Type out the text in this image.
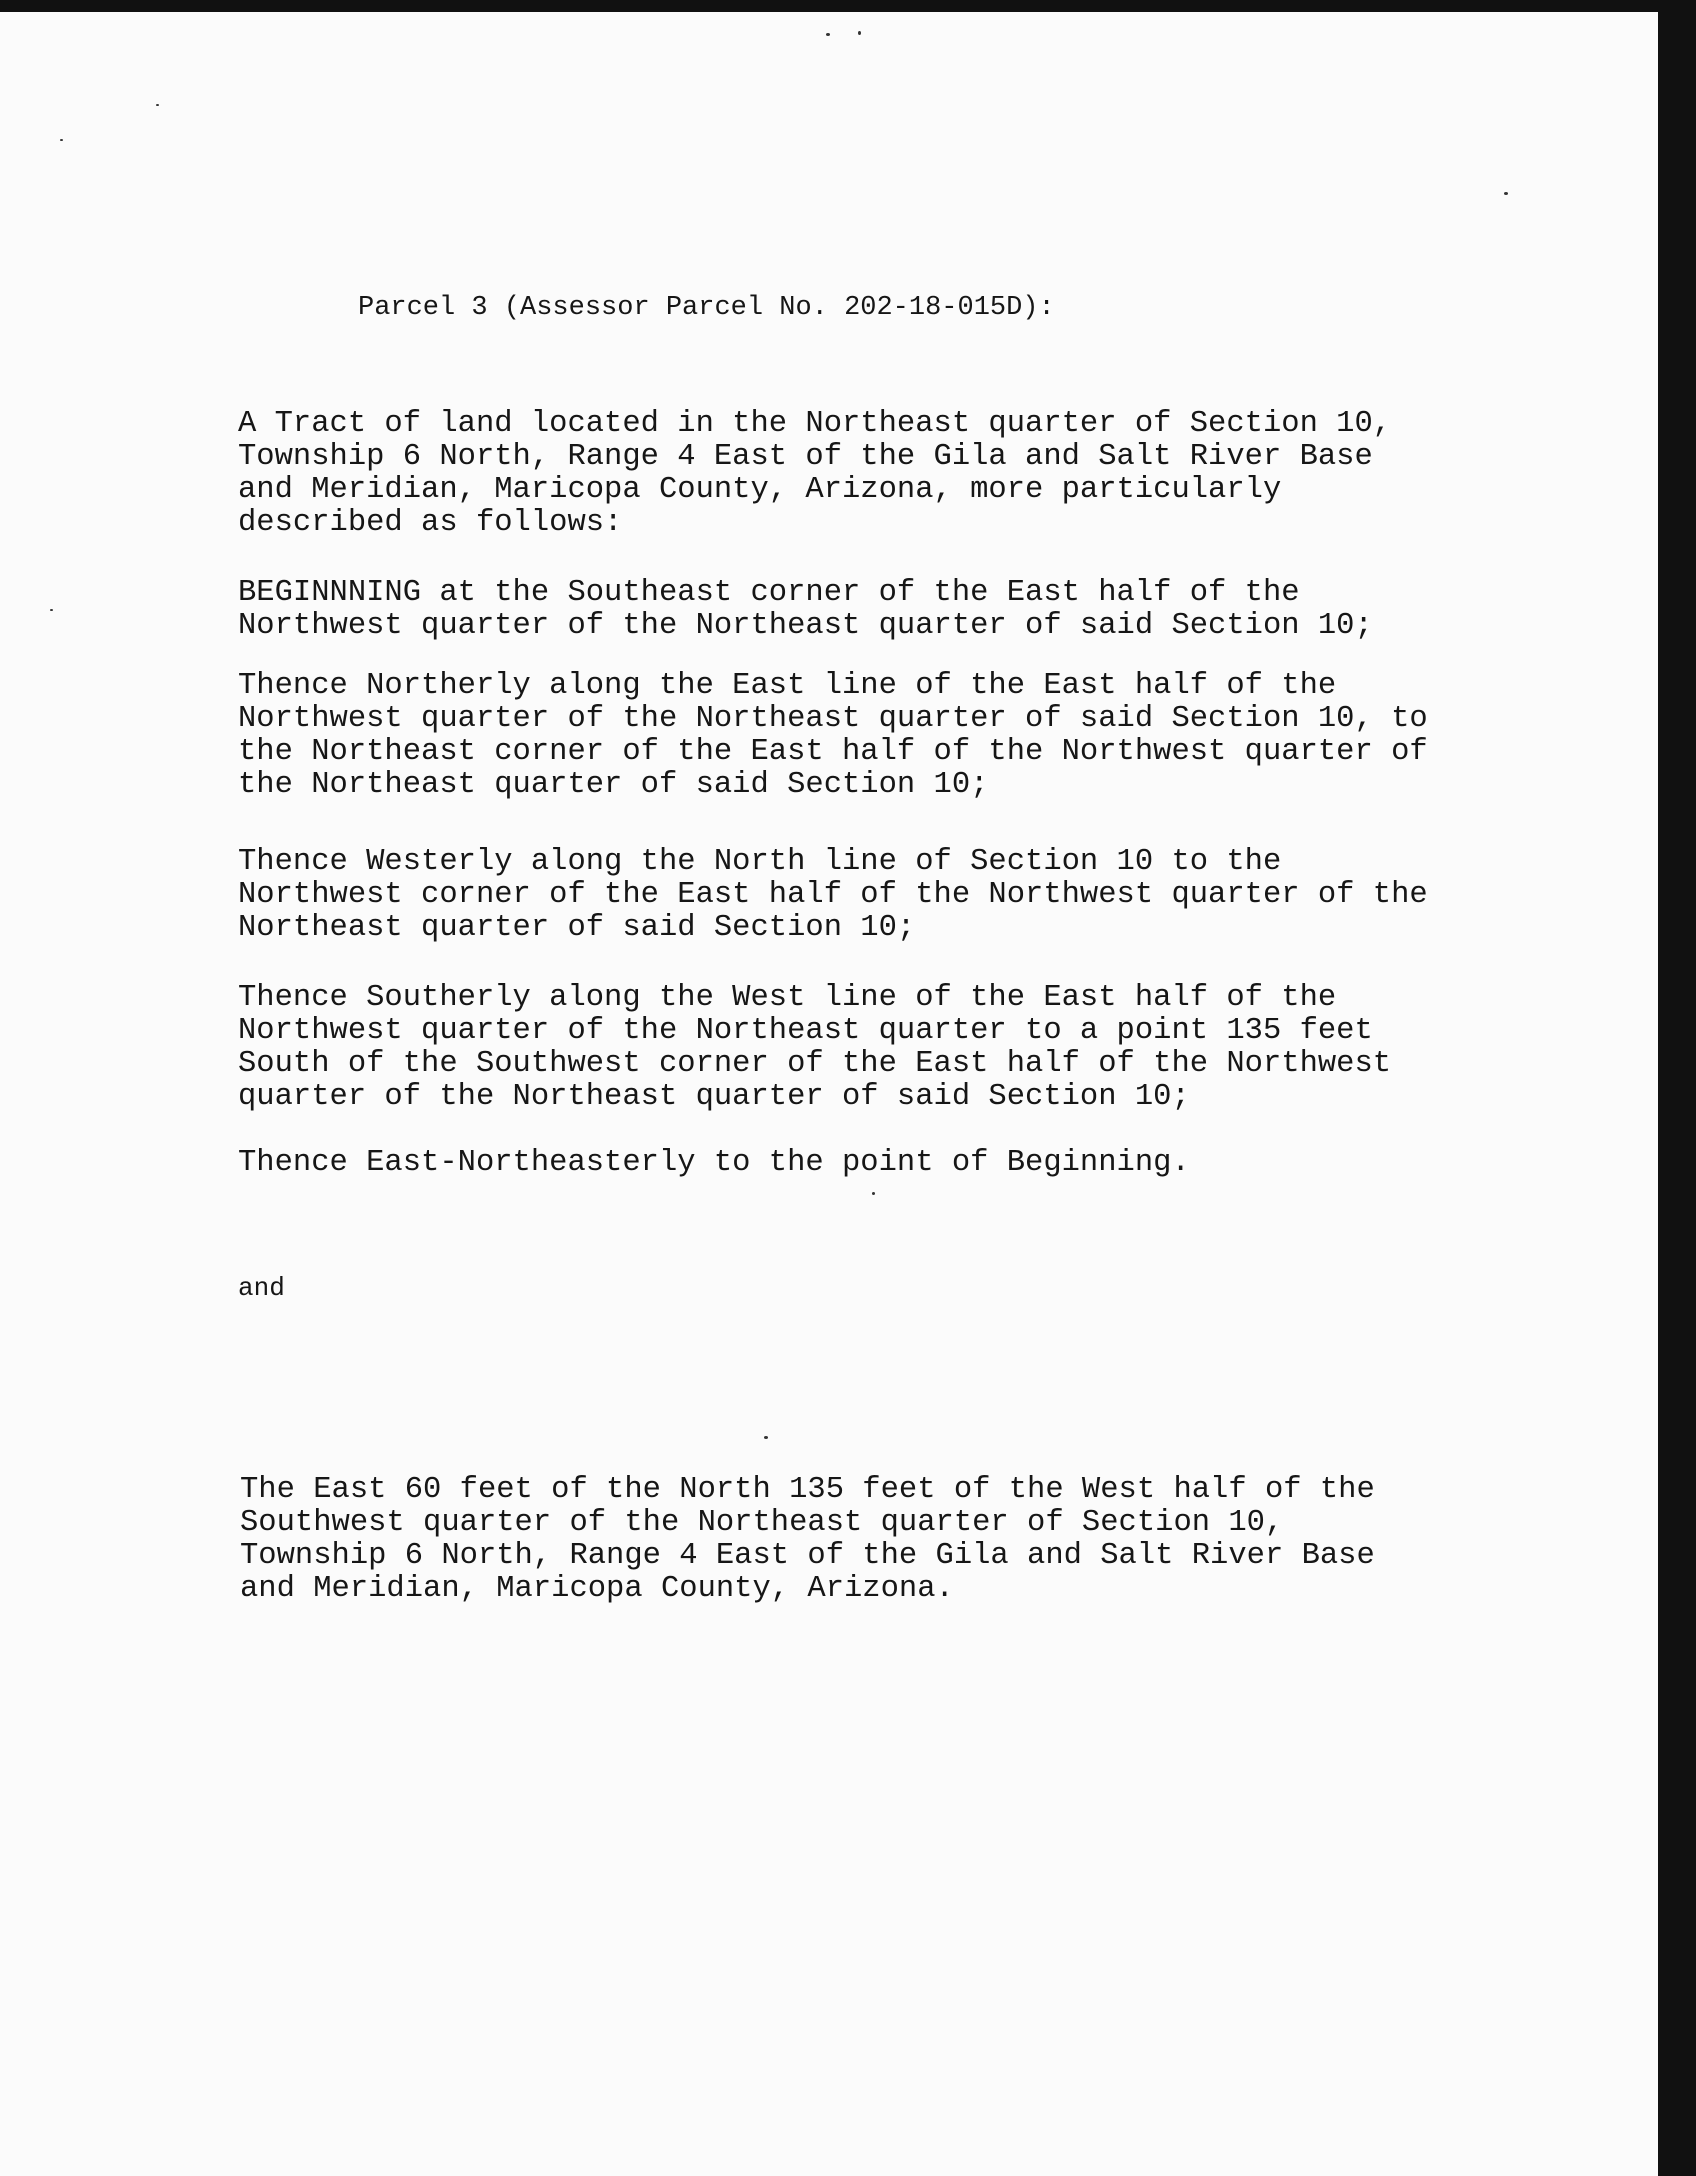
Parcel 3 (Assessor Parcel No. 202-18-015D):

A Tract of land located in the Northeast quarter of Section 10,
Township 6 North, Range 4 East of the Gila and Salt River Base
and Meridian, Maricopa County, Arizona, more particularly
described as follows:

BEGINNNING at the Southeast corner of the East half of the
Northwest quarter of the Northeast quarter of said Section 10;

Thence Northerly along the East line of the East half of the
Northwest quarter of the Northeast quarter of said Section 10, to
the Northeast corner of the East half of the Northwest quarter of
the Northeast quarter of said Section 10;

Thence Westerly along the North line of Section 10 to the
Northwest corner of the East half of the Northwest quarter of the
Northeast quarter of said Section 10;

Thence Southerly along the West line of the East half of the
Northwest quarter of the Northeast quarter to a point 135 feet
South of the Southwest corner of the East half of the Northwest
quarter of the Northeast quarter of said Section 10;

Thence East-Northeasterly to the point of Beginning.

and

The East 60 feet of the North 135 feet of the West half of the
Southwest quarter of the Northeast quarter of Section 10,
Township 6 North, Range 4 East of the Gila and Salt River Base
and Meridian, Maricopa County, Arizona.
